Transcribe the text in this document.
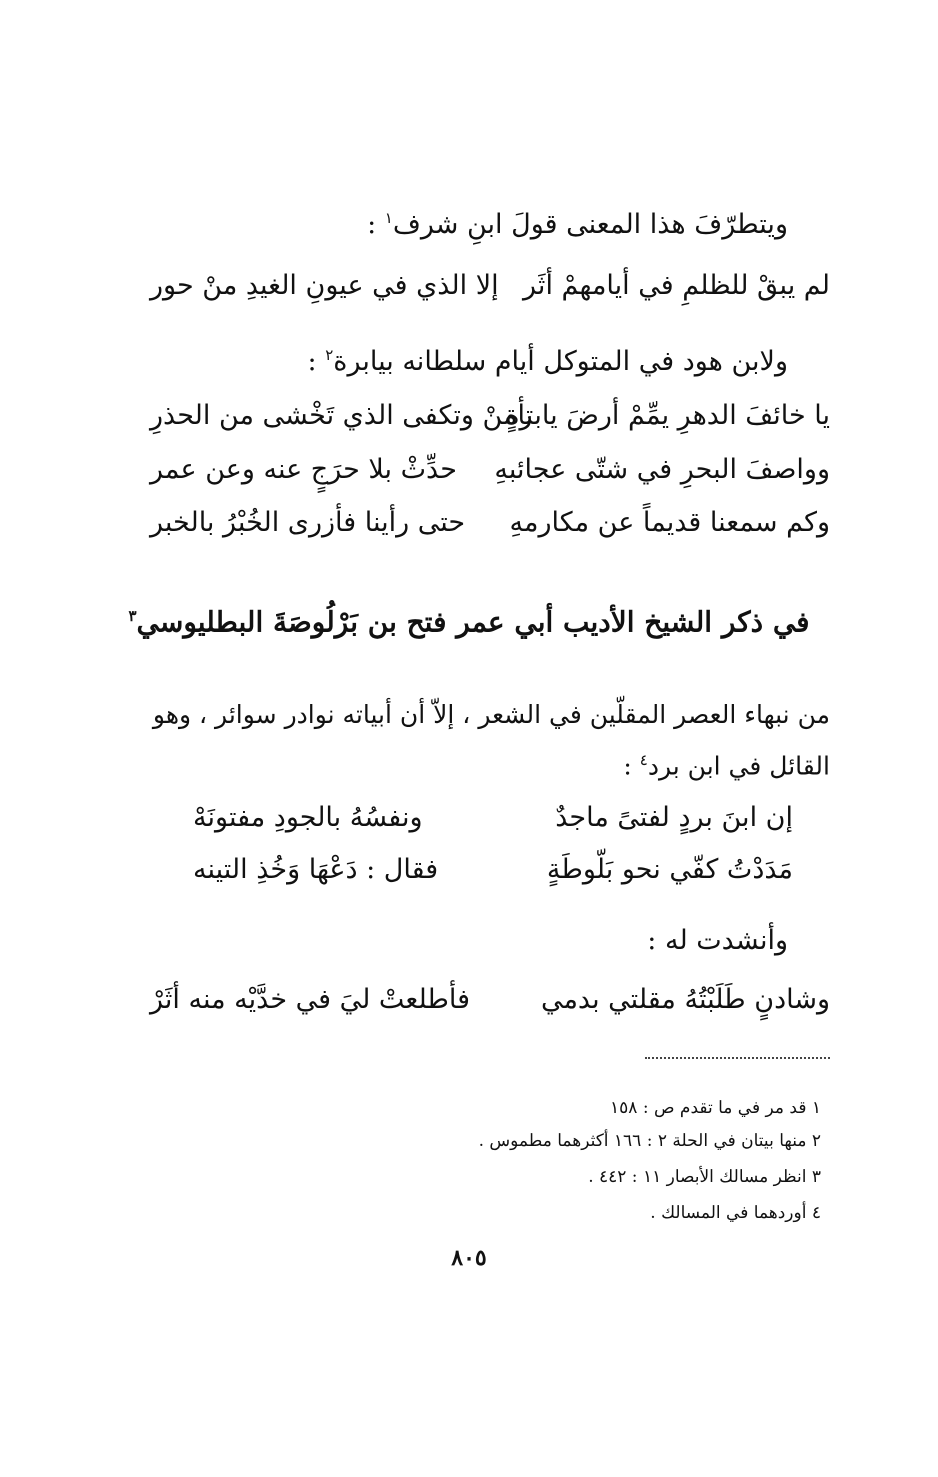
ويتطرّفَ هذا المعنى قولَ ابنِ شرف$^١$ :
لم يبقْ للظلمِ في أيامهمْ أثَر
إلا الذي في عيونِ الغيدِ منْ حور
ولابن هود في المتوكل أيام سلطانه بيابرة$^٢$ :
يا خائفَ الدهرِ يمِّمْ أرضَ يابرةٍ
تأمنْ وتكفى الذي تَخْشى من الحذرِ
وواصفَ البحرِ في شتّى عجائبهِ
حدِّثْ بلا حرَجٍ عنه وعن عمر
وكم سمعنا قديماً عن مكارمهِ
حتى رأينا فأزرى الخُبْرُ بالخبر
في ذكر الشيخ الأديب أبي عمر فتح بن بَرْلُوصَةَ البطليوسي$^٣$
من نبهاء العصر المقلّين في الشعر ، إلاّ أن أبياته نوادر سوائر ، وهو
القائل في ابن برد$^٤$ :
إن ابنَ بردٍ لفتىً ماجدٌ
ونفسُهُ بالجودِ مفتونَهْ
مَدَدْتُ كفّي نحو بَلّوطَةٍ
فقال : دَعْهَا وَخُذِ التينه
وأنشدت له :
وشادنٍ طَلَبْتُهُ مقلتي بدمي
فأطلعتْ ليَ في خدَّيْه منه أثَرْ
١ قد مر في ما تقدم ص : ١٥٨
٢ منها بيتان في الحلة ٢ : ١٦٦ أكثرهما مطموس .
٣ انظر مسالك الأبصار ١١ : ٤٤٢ .
٤ أوردهما في المسالك .
٨٠٥
